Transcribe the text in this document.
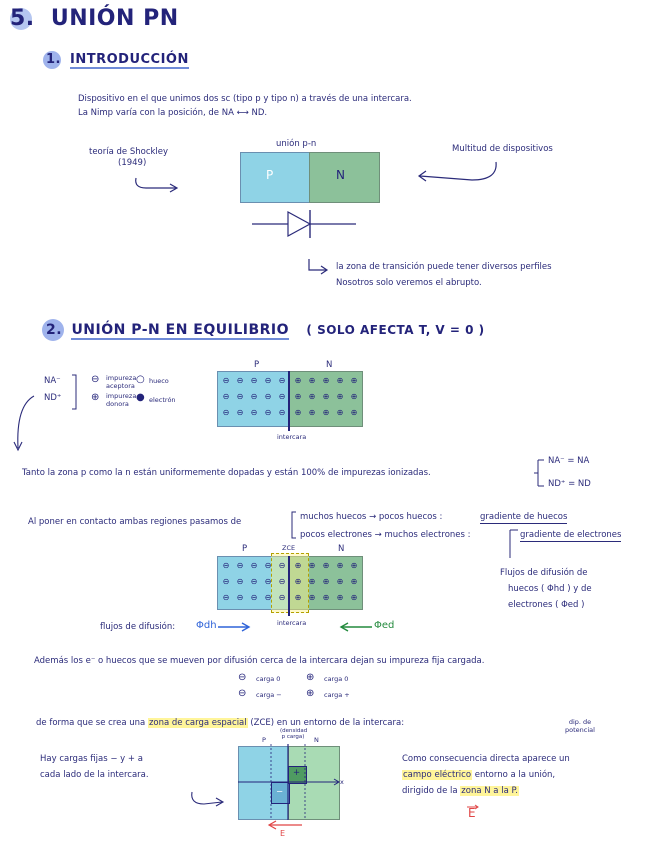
5. UNIÓN PN
1. INTRODUCCIÓN
Dispositivo en el que unimos dos sc (tipo p y tipo n) a través de una intercara.
La Nimp varía con la posición, de NA ⟷ ND.
teoría de Shockley
(1949)
unión p-n
P	N
Multitud de dispositivos
la zona de transición puede tener diversos perfiles
Nosotros solo veremos el abrupto.
2. UNIÓN P-N EN EQUILIBRIO ( SOLO AFECTA T, V = 0 )
NA⁻
ND⁺
⊖ impureza aceptora
○ hueco
⊕ impureza donora
● electrón
P	N
⊖ ⊖ ⊖ ⊖ ⊖	⊕ ⊕ ⊕ ⊕ ⊕
⊖ ⊖ ⊖ ⊖ ⊖	⊕ ⊕ ⊕ ⊕ ⊕
⊖ ⊖ ⊖ ⊖ ⊖	⊕ ⊕ ⊕ ⊕ ⊕
intercara
Tanto la zona p como la n están uniformemente dopadas y están 100% de impurezas ionizadas.
NA⁻ = NA
ND⁺ = ND
Al poner en contacto ambas regiones pasamos de	muchos huecos → pocos huecos :	gradiente de huecos
pocos electrones → muchos electrones :	gradiente de electrones
Flujos de difusión de
huecos ( Φhd ) y de
electrones ( Φed )
P	ZCE	N
⊖ ⊖ ⊖ ⊖ ⊖	⊕ ⊕ ⊕ ⊕ ⊕
⊖ ⊖ ⊖ ⊖ ⊖	⊕ ⊕ ⊕ ⊕ ⊕
⊖ ⊖ ⊖ ⊖ ⊖	⊕ ⊕ ⊕ ⊕ ⊕
intercara
flujos de difusión: Φdh	Φed
Además los e⁻ o huecos que se mueven por difusión cerca de la intercara dejan su impureza fija cargada.
⊖ carga 0	⊕ carga 0
⊖ carga − ⊕ carga +
de forma que se crea una zona de carga espacial (ZCE) en un entorno de la intercara:	dip. de potencial
P
(densidad p carga) N
−
+
x
E
Hay cargas fijas − y + a
cada lado de la intercara.
Como consecuencia directa aparece un
campo eléctrico entorno a la unión,
dirigido de la zona N a la P.
E
